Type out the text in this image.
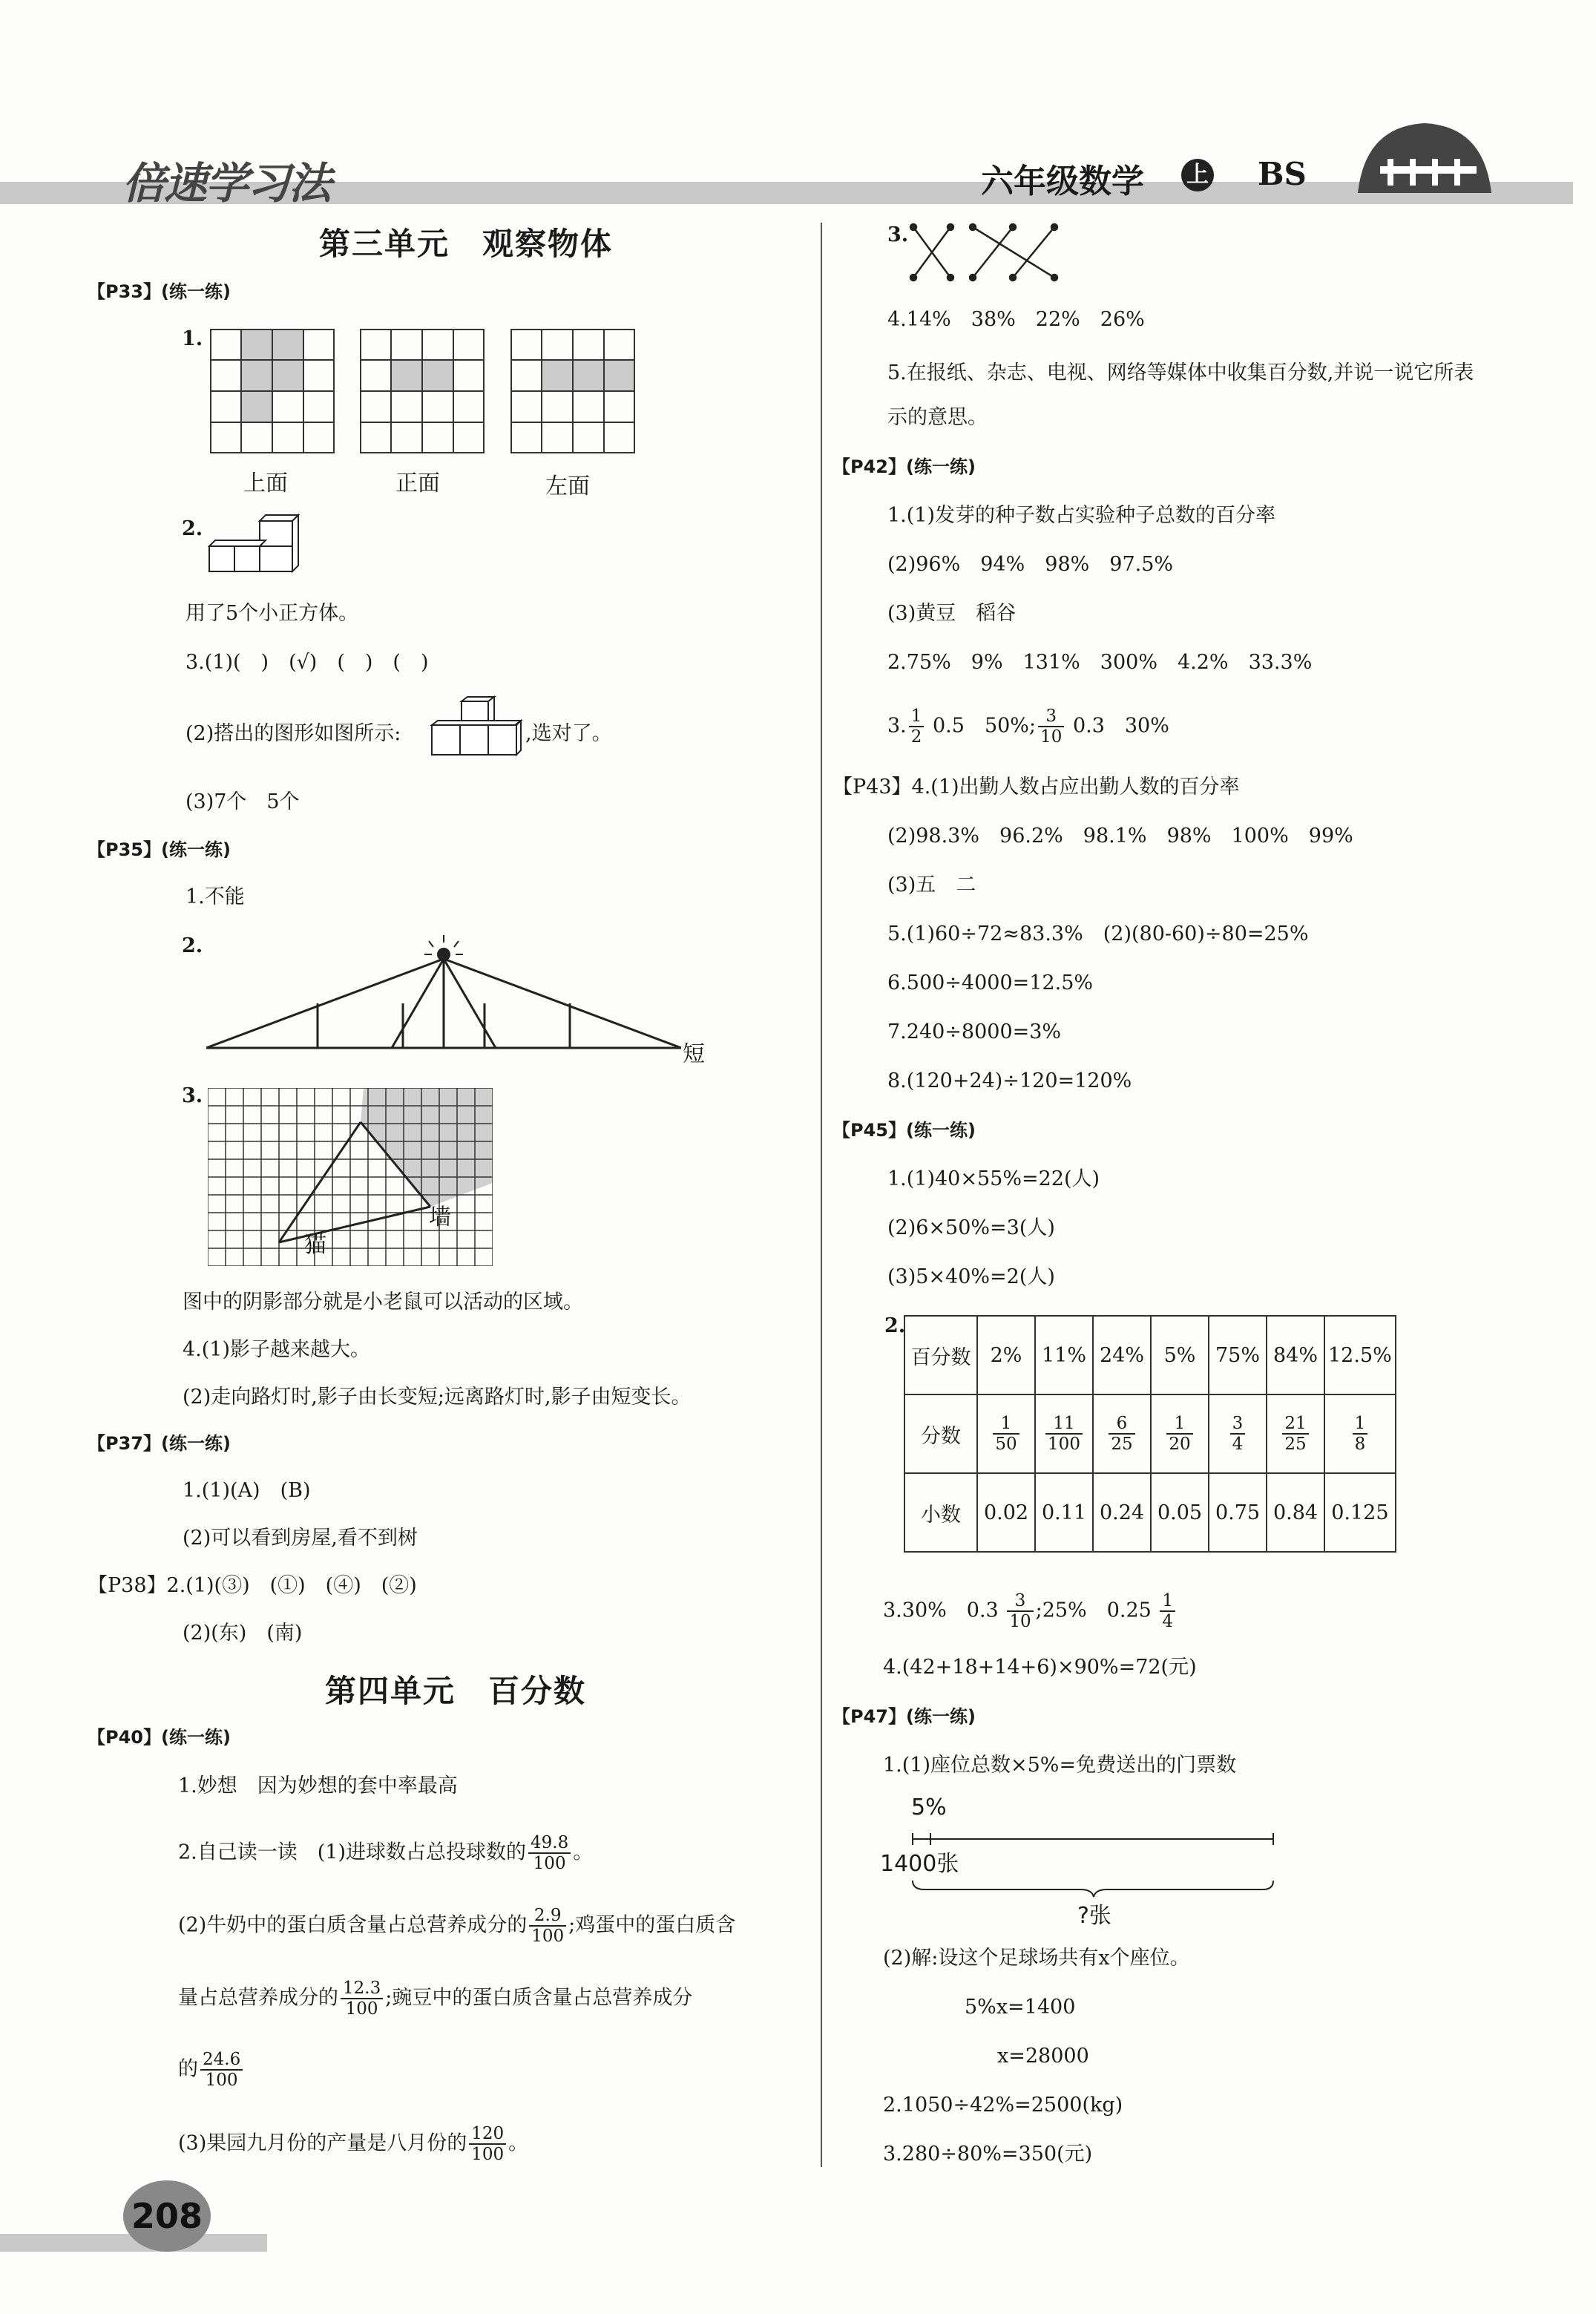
倍速学习法	六年级数学 上 BS
第三单元　观察物体
【P33】(练一练)
1.
上面	正面	左面
2.
用了5个小正方体。
3.(1)(　)　(√)　(　)　(　)
(2)搭出的图形如图所示:	,选对了。
(3)7个　5个
【P35】(练一练)
1.不能
2.
短
3.
猫
墙
图中的阴影部分就是小老鼠可以活动的区域。
4.(1)影子越来越大。
(2)走向路灯时,影子由长变短;远离路灯时,影子由短变长。
【P37】(练一练)
1.(1)(A)　(B)
(2)可以看到房屋,看不到树
【P38】2.(1)(③)　(①)　(④)　(②)
(2)(东)　(南)
第四单元　百分数
【P40】(练一练)
1.妙想　因为妙想的套中率最高
2.自己读一读　(1)进球数占总投球数的 $\frac{49.8}{100}$ 。
(2)牛奶中的蛋白质含量占总营养成分的 $\frac{2.9}{100}$ ;鸡蛋中的蛋白质含
量占总营养成分的 $\frac{12.3}{100}$ ;豌豆中的蛋白质含量占总营养成分
的 $\frac{24.6}{100}$
(3)果园九月份的产量是八月份的 $\frac{120}{100}$ 。
3.
4.14%　38%　22%　26%
5.在报纸、杂志、电视、网络等媒体中收集百分数,并说一说它所表
示的意思。
【P42】(练一练)
1.(1)发芽的种子数占实验种子总数的百分率
(2)96%　94%　98%　97.5%
(3)黄豆　稻谷
2.75%　9%　131%　300%　4.2%　33.3%
3. $\frac{1}{2} 0.5$　50%; $\frac{3}{10} 0.3$　30%
【P43】4.(1)出勤人数占应出勤人数的百分率
(2)98.3%　96.2%　98.1%　98%　100%　99%
(3)五　二
5.(1)60÷72≈83.3%　(2)(80-60)÷80=25%
6.500÷4000=12.5%
7.240÷8000=3%
8.(120+24)÷120=120%
【P45】(练一练)
1.(1)40×55%=22(人)
(2)6×50%=3(人)
(3)5×40%=2(人)
2.
百分数	2%	11%	24%	5%	75%	84%	12.5%
分数	$\frac{1}{50}$	$\frac{11}{100}$	$\frac{6}{25}$	$\frac{1}{20}$	$\frac{3}{4}$	$\frac{21}{25}$	$\frac{1}{8}$

小数	0.02	0.11	0.24	0.05	0.75	0.84	0.125
3.30%　$0.3 \frac{3}{10}$ ;25%　$0.25 \frac{1}{4}$
4.(42+18+14+6)×90%=72(元)
【P47】(练一练)
1.(1)座位总数×5%=免费送出的门票数
5%
1400张
?张
(2)解:设这个足球场共有x个座位。
5%x=1400
x=28000
2.1050÷42%=2500(kg)
3.280÷80%=350(元)
208
